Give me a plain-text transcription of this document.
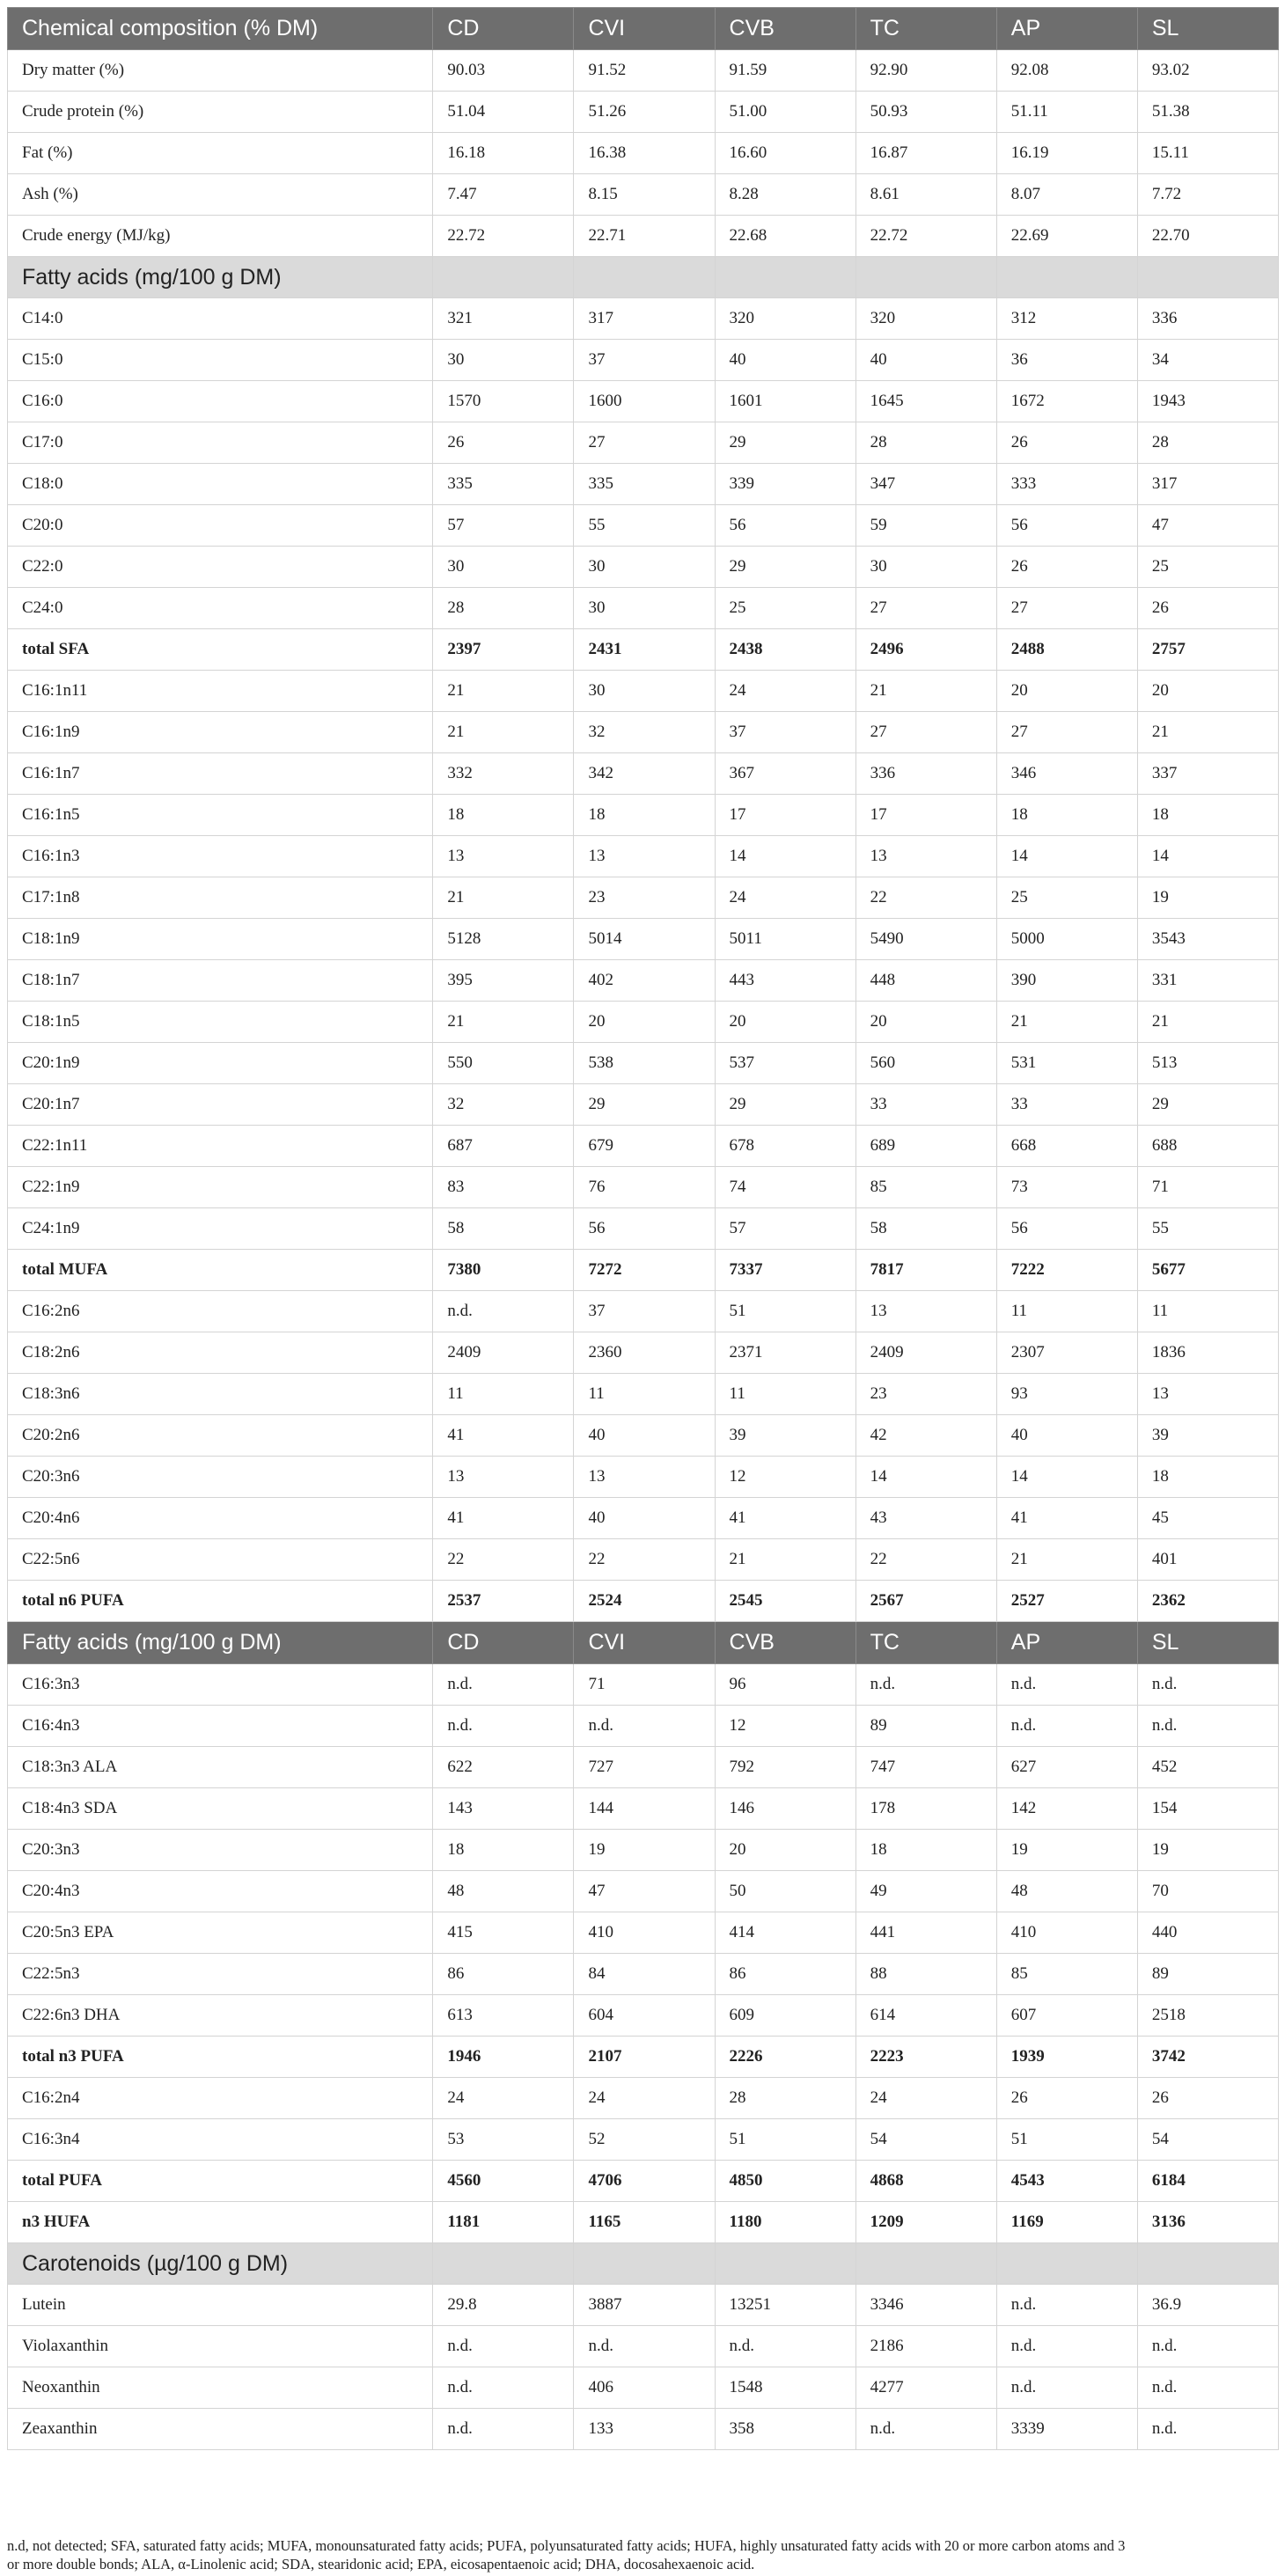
Chemical composition (% DM)	CD	CVI	CVB	TC	AP	SL
Dry matter (%)	90.03	91.52	91.59	92.90	92.08	93.02
Crude protein (%)	51.04	51.26	51.00	50.93	51.11	51.38
Fat (%)	16.18	16.38	16.60	16.87	16.19	15.11
Ash (%)	7.47	8.15	8.28	8.61	8.07	7.72
Crude energy (MJ/kg)	22.72	22.71	22.68	22.72	22.69	22.70
Fatty acids (mg/100 g DM)						
C14:0	321	317	320	320	312	336
C15:0	30	37	40	40	36	34
C16:0	1570	1600	1601	1645	1672	1943
C17:0	26	27	29	28	26	28
C18:0	335	335	339	347	333	317
C20:0	57	55	56	59	56	47
C22:0	30	30	29	30	26	25
C24:0	28	30	25	27	27	26
total SFA	2397	2431	2438	2496	2488	2757
C16:1n11	21	30	24	21	20	20
C16:1n9	21	32	37	27	27	21
C16:1n7	332	342	367	336	346	337
C16:1n5	18	18	17	17	18	18
C16:1n3	13	13	14	13	14	14
C17:1n8	21	23	24	22	25	19
C18:1n9	5128	5014	5011	5490	5000	3543
C18:1n7	395	402	443	448	390	331
C18:1n5	21	20	20	20	21	21
C20:1n9	550	538	537	560	531	513
C20:1n7	32	29	29	33	33	29
C22:1n11	687	679	678	689	668	688
C22:1n9	83	76	74	85	73	71
C24:1n9	58	56	57	58	56	55
total MUFA	7380	7272	7337	7817	7222	5677
C16:2n6	n.d.	37	51	13	11	11
C18:2n6	2409	2360	2371	2409	2307	1836
C18:3n6	11	11	11	23	93	13
C20:2n6	41	40	39	42	40	39
C20:3n6	13	13	12	14	14	18
C20:4n6	41	40	41	43	41	45
C22:5n6	22	22	21	22	21	401
total n6 PUFA	2537	2524	2545	2567	2527	2362
Fatty acids (mg/100 g DM)	CD	CVI	CVB	TC	AP	SL
C16:3n3	n.d.	71	96	n.d.	n.d.	n.d.
C16:4n3	n.d.	n.d.	12	89	n.d.	n.d.
C18:3n3 ALA	622	727	792	747	627	452
C18:4n3 SDA	143	144	146	178	142	154
C20:3n3	18	19	20	18	19	19
C20:4n3	48	47	50	49	48	70
C20:5n3 EPA	415	410	414	441	410	440
C22:5n3	86	84	86	88	85	89
C22:6n3 DHA	613	604	609	614	607	2518
total n3 PUFA	1946	2107	2226	2223	1939	3742
C16:2n4	24	24	28	24	26	26
C16:3n4	53	52	51	54	51	54
total PUFA	4560	4706	4850	4868	4543	6184
n3 HUFA	1181	1165	1180	1209	1169	3136
Carotenoids (µg/100 g DM)						
Lutein	29.8	3887	13251	3346	n.d.	36.9
Violaxanthin	n.d.	n.d.	n.d.	2186	n.d.	n.d.
Neoxanthin	n.d.	406	1548	4277	n.d.	n.d.
Zeaxanthin	n.d.	133	358	n.d.	3339	n.d.
n.d, not detected; SFA, saturated fatty acids; MUFA, monounsaturated fatty acids; PUFA, polyunsaturated fatty acids; HUFA, highly unsaturated fatty acids with 20 or more carbon atoms and 3
or more double bonds; ALA, α-Linolenic acid; SDA, stearidonic acid; EPA, eicosapentaenoic acid; DHA, docosahexaenoic acid.
